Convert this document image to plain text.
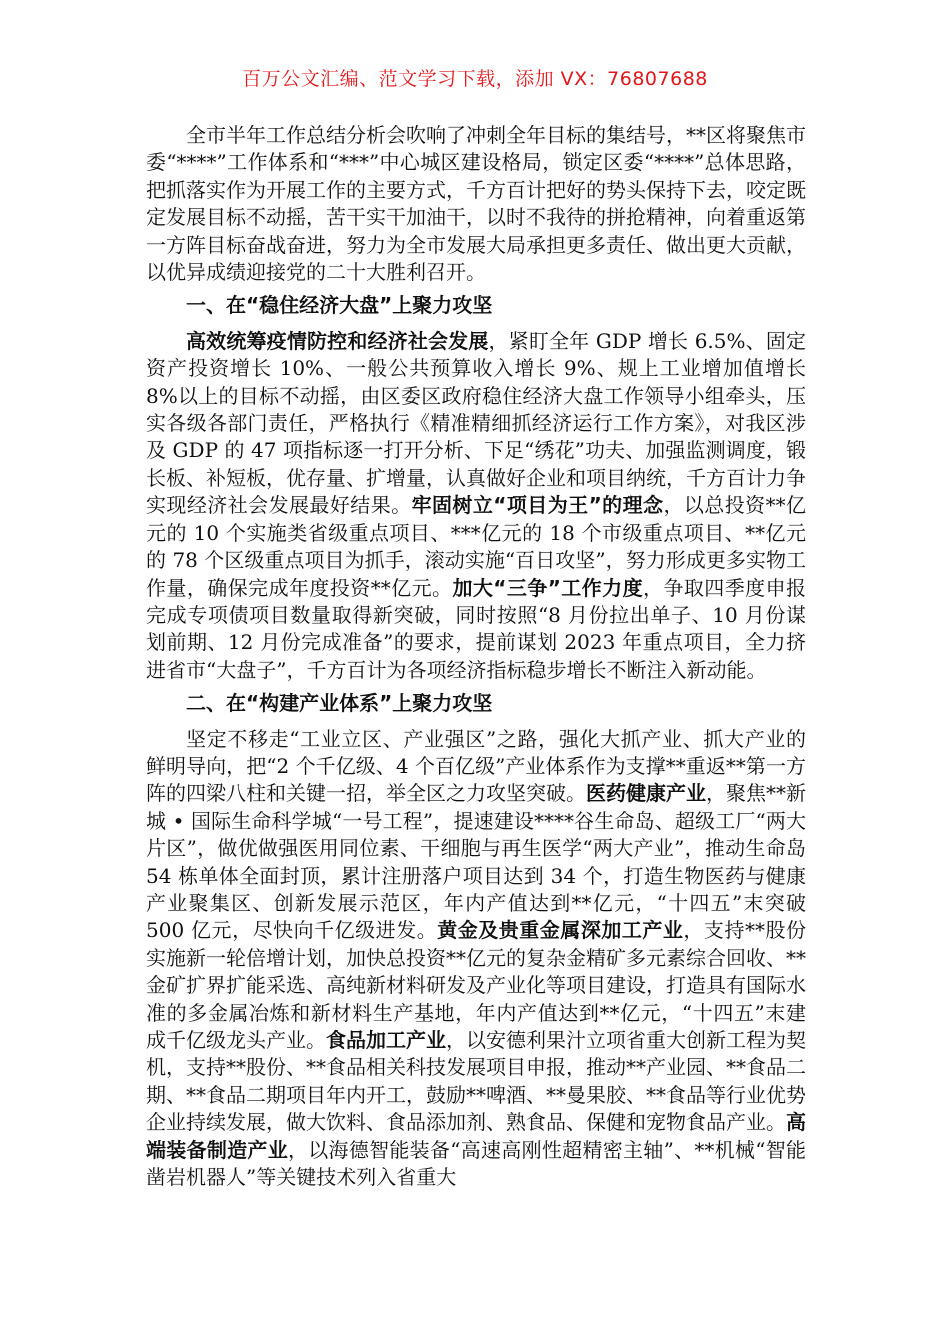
百万公文汇编、范文学习下载，添加 VX：76807688

全市半年工作总结分析会吹响了冲刺全年目标的集结号，**区将聚焦市委“****”工作体系和“***”中心城区建设格局，锁定区委“****”总体思路，把抓落实作为开展工作的主要方式，千方百计把好的势头保持下去，咬定既定发展目标不动摇，苦干实干加油干，以时不我待的拼抢精神，向着重返第一方阵目标奋战奋进，努力为全市发展大局承担更多责任、做出更大贡献，以优异成绩迎接党的二十大胜利召开。

一、在“稳住经济大盘”上聚力攻坚

高效统筹疫情防控和经济社会发展，紧盯全年 GDP 增长 6.5%、固定资产投资增长 10%、一般公共预算收入增长 9%、规上工业增加值增长 8%以上的目标不动摇，由区委区政府稳住经济大盘工作领导小组牵头，压实各级各部门责任，严格执行《精准精细抓经济运行工作方案》，对我区涉及 GDP 的 47 项指标逐一打开分析、下足“绣花”功夫、加强监测调度，锻长板、补短板，优存量、扩增量，认真做好企业和项目纳统，千方百计力争实现经济社会发展最好结果。牢固树立“项目为王”的理念，以总投资**亿元的 10 个实施类省级重点项目、***亿元的 18 个市级重点项目、**亿元的 78 个区级重点项目为抓手，滚动实施“百日攻坚”，努力形成更多实物工作量，确保完成年度投资**亿元。加大“三争”工作力度，争取四季度申报完成专项债项目数量取得新突破，同时按照“8 月份拉出单子、10 月份谋划前期、12 月份完成准备”的要求，提前谋划 2023 年重点项目，全力挤进省市“大盘子”，千方百计为各项经济指标稳步增长不断注入新动能。

二、在“构建产业体系”上聚力攻坚

坚定不移走“工业立区、产业强区”之路，强化大抓产业、抓大产业的鲜明导向，把“2 个千亿级、4 个百亿级”产业体系作为支撑**重返**第一方阵的四梁八柱和关键一招，举全区之力攻坚突破。医药健康产业，聚焦**新城 • 国际生命科学城“一号工程”，提速建设****谷生命岛、超级工厂“两大片区”，做优做强医用同位素、干细胞与再生医学“两大产业”，推动生命岛 54 栋单体全面封顶，累计注册落户项目达到 34 个，打造生物医药与健康产业聚集区、创新发展示范区，年内产值达到**亿元，“十四五”末突破 500 亿元，尽快向千亿级进发。黄金及贵重金属深加工产业，支持**股份实施新一轮倍增计划，加快总投资**亿元的复杂金精矿多元素综合回收、**金矿扩界扩能采选、高纯新材料研发及产业化等项目建设，打造具有国际水准的多金属冶炼和新材料生产基地，年内产值达到**亿元，“十四五”末建成千亿级龙头产业。食品加工产业，以安德利果汁立项省重大创新工程为契机，支持**股份、**食品相关科技发展项目申报，推动**产业园、**食品二期、**食品二期项目年内开工，鼓励**啤酒、**曼果胶、**食品等行业优势企业持续发展，做大饮料、食品添加剂、熟食品、保健和宠物食品产业。高端装备制造产业，以海德智能装备“高速高刚性超精密主轴”、**机械“智能凿岩机器人”等关键技术列入省重大
